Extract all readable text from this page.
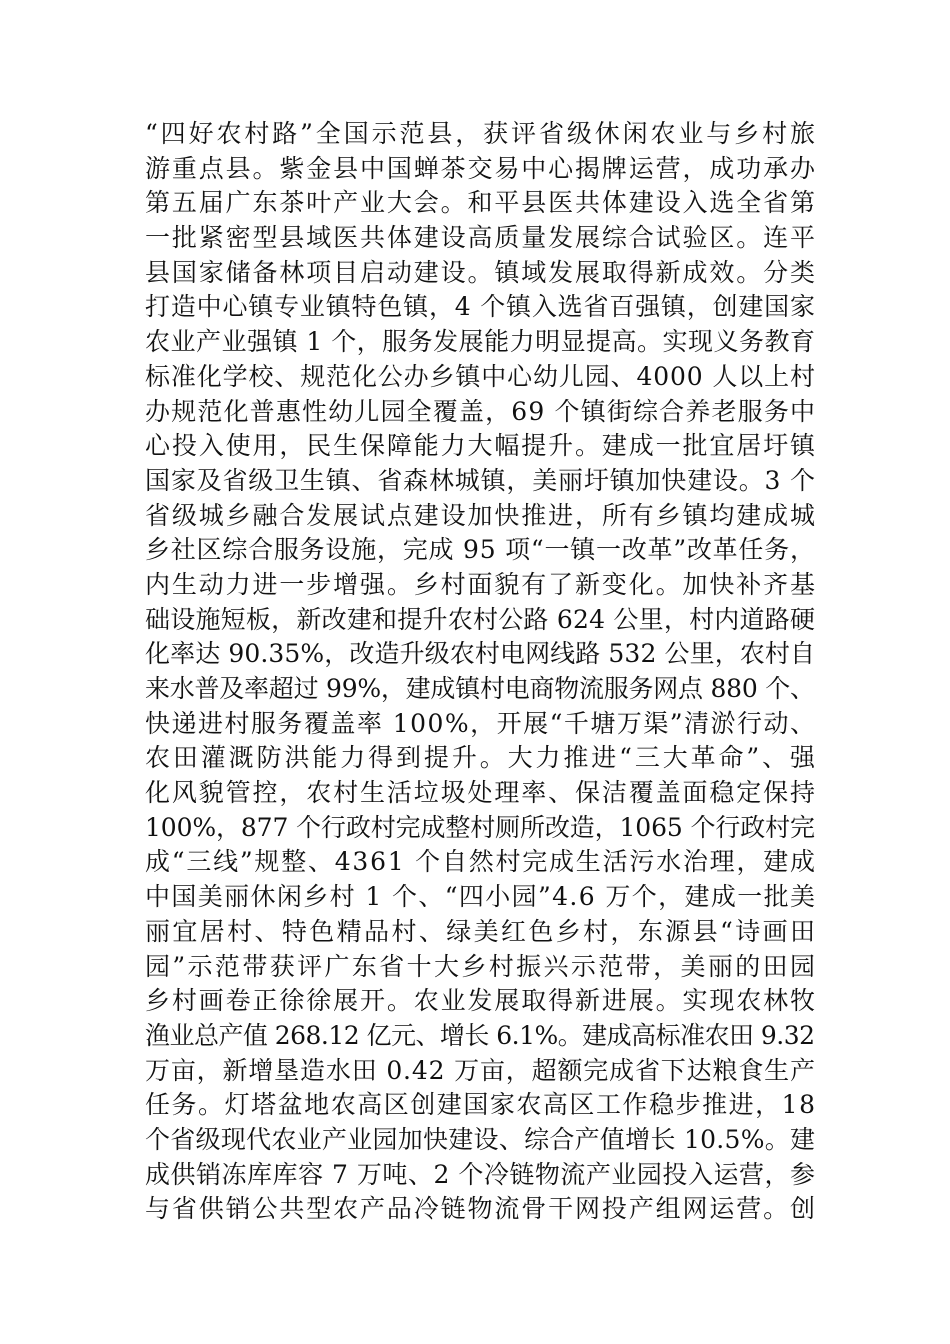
“四好农村路”全国示范县，获评省级休闲农业与乡村旅
游重点县。紫金县中国蝉茶交易中心揭牌运营，成功承办
第五届广东茶叶产业大会。和平县医共体建设入选全省第
一批紧密型县域医共体建设高质量发展综合试验区。连平
县国家储备林项目启动建设。镇域发展取得新成效。分类
打造中心镇专业镇特色镇，4 个镇入选省百强镇，创建国家
农业产业强镇 1 个，服务发展能力明显提高。实现义务教育
标准化学校、规范化公办乡镇中心幼儿园、4000 人以上村
办规范化普惠性幼儿园全覆盖，69 个镇街综合养老服务中
心投入使用，民生保障能力大幅提升。建成一批宜居圩镇
国家及省级卫生镇、省森林城镇，美丽圩镇加快建设。3 个
省级城乡融合发展试点建设加快推进，所有乡镇均建成城
乡社区综合服务设施，完成 95 项“一镇一改革”改革任务，
内生动力进一步增强。乡村面貌有了新变化。加快补齐基
础设施短板，新改建和提升农村公路 624 公里，村内道路硬
化率达 90.35%，改造升级农村电网线路 532 公里，农村自
来水普及率超过 99%，建成镇村电商物流服务网点 880 个、
快递进村服务覆盖率 100%，开展“千塘万渠”清淤行动、
农田灌溉防洪能力得到提升。大力推进“三大革命”、强
化风貌管控，农村生活垃圾处理率、保洁覆盖面稳定保持
100%，877 个行政村完成整村厕所改造，1065 个行政村完
成“三线”规整、4361 个自然村完成生活污水治理，建成
中国美丽休闲乡村 1 个、“四小园”4.6 万个，建成一批美
丽宜居村、特色精品村、绿美红色乡村，东源县“诗画田
园”示范带获评广东省十大乡村振兴示范带，美丽的田园
乡村画卷正徐徐展开。农业发展取得新进展。实现农林牧
渔业总产值 268.12 亿元、增长 6.1%。建成高标准农田 9.32
万亩，新增垦造水田 0.42 万亩，超额完成省下达粮食生产
任务。灯塔盆地农高区创建国家农高区工作稳步推进，18
个省级现代农业产业园加快建设、综合产值增长 10.5%。建
成供销冻库库容 7 万吨、2 个冷链物流产业园投入运营，参
与省供销公共型农产品冷链物流骨干网投产组网运营。创
